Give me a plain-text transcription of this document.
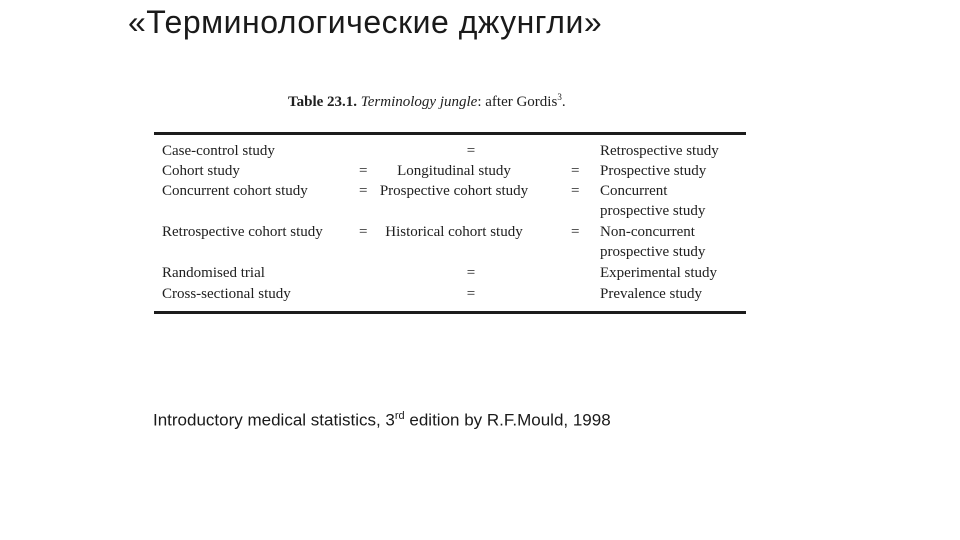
«Терминологические джунгли»
Table 23.1. Terminology jungle: after Gordis$^3$.
Case-control study	=	Retrospective study
Cohort study	=	Longitudinal study	= Prospective study
Concurrent cohort study	= Prospective cohort study	= Concurrent
prospective study
Retrospective cohort study =	Historical cohort study	= Non-concurrent
prospective study
Randomised trial	=	Experimental study
Cross-sectional study	=	Prevalence study
Introductory medical statistics, 3rd edition by R.F.Mould, 1998
